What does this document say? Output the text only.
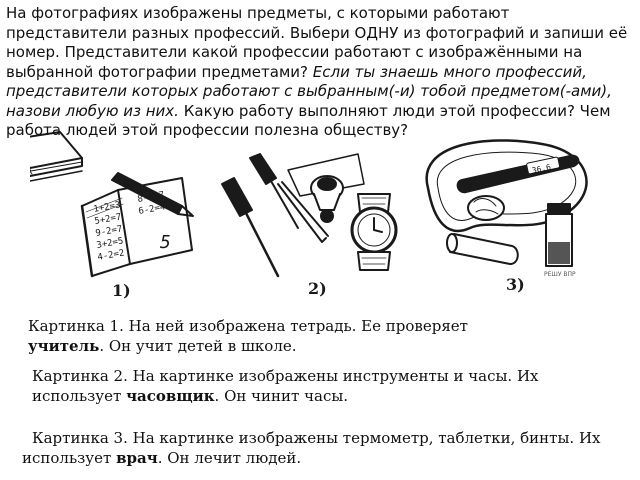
На фотографиях изображены предметы, с которыми работают представители разных профессий. Выбери ОДНУ из фотографий и запиши её номер. Представители какой профессии работают с изображёнными на выбранной фотографии предметами? Если ты знаешь много профессий, представители которых работают с выбранным(-и) тобой предметом(-ами), назови любую из них. Какую работу выполняют люди этой профессии? Чем работа людей этой профессии полезна обществу?

1+2=3
5+2=7
9-2=7
3+2=5
4-2=2
8-1=7
6-2=4
5
1)	2)
36.6
РЕШУ ВПР
3)

Картинка 1. На ней изображена тетрадь. Ее проверяет учитель. Он учит детей в школе.

Картинка 2. На картинке изображены инструменты и часы. Их использует часовщик. Он чинит часы.

Картинка 3. На картинке изображены термометр, таблетки, бинты. Их использует врач. Он лечит людей.
